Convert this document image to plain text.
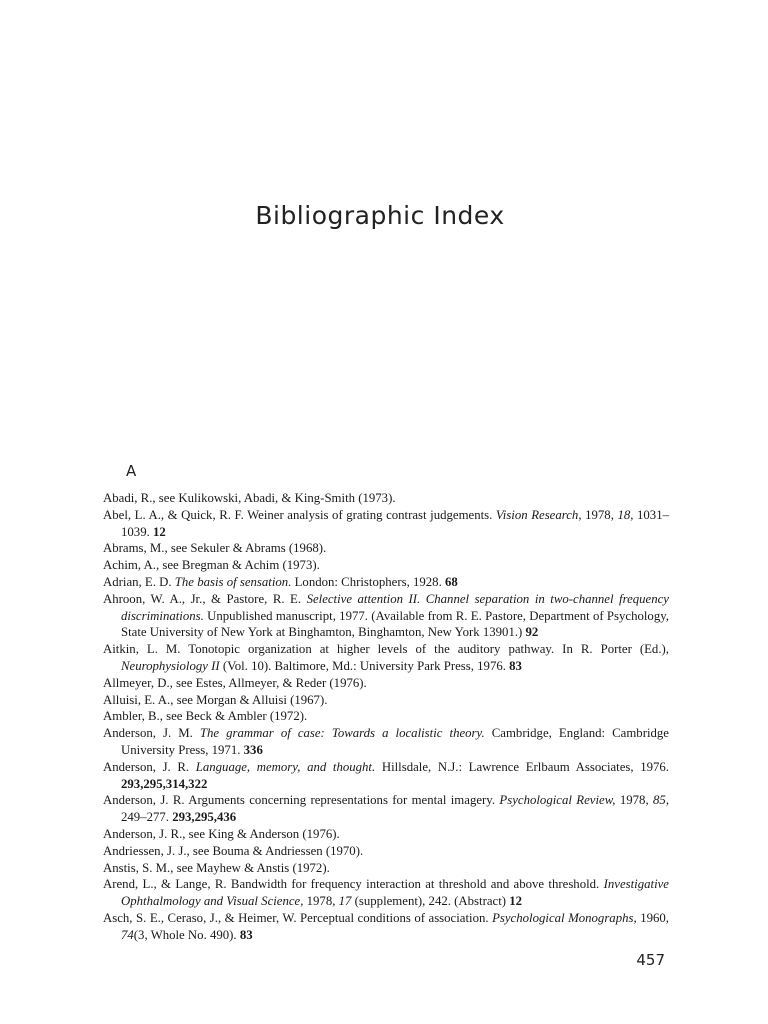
Bibliographic Index
A

Abadi, R., see Kulikowski, Abadi, & King-Smith (1973).

Abel, L. A., & Quick, R. F. Weiner analysis of grating contrast judgements. Vision Research, 1978, 18, 1031–1039. 12

Abrams, M., see Sekuler & Abrams (1968).

Achim, A., see Bregman & Achim (1973).

Adrian, E. D. The basis of sensation. London: Christophers, 1928. 68

Ahroon, W. A., Jr., & Pastore, R. E. Selective attention II. Channel separation in two-channel frequency discriminations. Unpublished manuscript, 1977. (Available from R. E. Pastore, Department of Psychology, State University of New York at Binghamton, Binghamton, New York 13901.) 92

Aitkin, L. M. Tonotopic organization at higher levels of the auditory pathway. In R. Porter (Ed.), Neurophysiology II (Vol. 10). Baltimore, Md.: University Park Press, 1976. 83

Allmeyer, D., see Estes, Allmeyer, & Reder (1976).

Alluisi, E. A., see Morgan & Alluisi (1967).

Ambler, B., see Beck & Ambler (1972).

Anderson, J. M. The grammar of case: Towards a localistic theory. Cambridge, England: Cambridge University Press, 1971. 336

Anderson, J. R. Language, memory, and thought. Hillsdale, N.J.: Lawrence Erlbaum Associates, 1976. 293,295,314,322

Anderson, J. R. Arguments concerning representations for mental imagery. Psychological Review, 1978, 85, 249–277. 293,295,436

Anderson, J. R., see King & Anderson (1976).

Andriessen, J. J., see Bouma & Andriessen (1970).

Anstis, S. M., see Mayhew & Anstis (1972).

Arend, L., & Lange, R. Bandwidth for frequency interaction at threshold and above threshold. Investigative Ophthalmology and Visual Science, 1978, 17 (supplement), 242. (Abstract) 12

Asch, S. E., Ceraso, J., & Heimer, W. Perceptual conditions of association. Psychological Monographs, 1960, 74(3, Whole No. 490). 83

457
